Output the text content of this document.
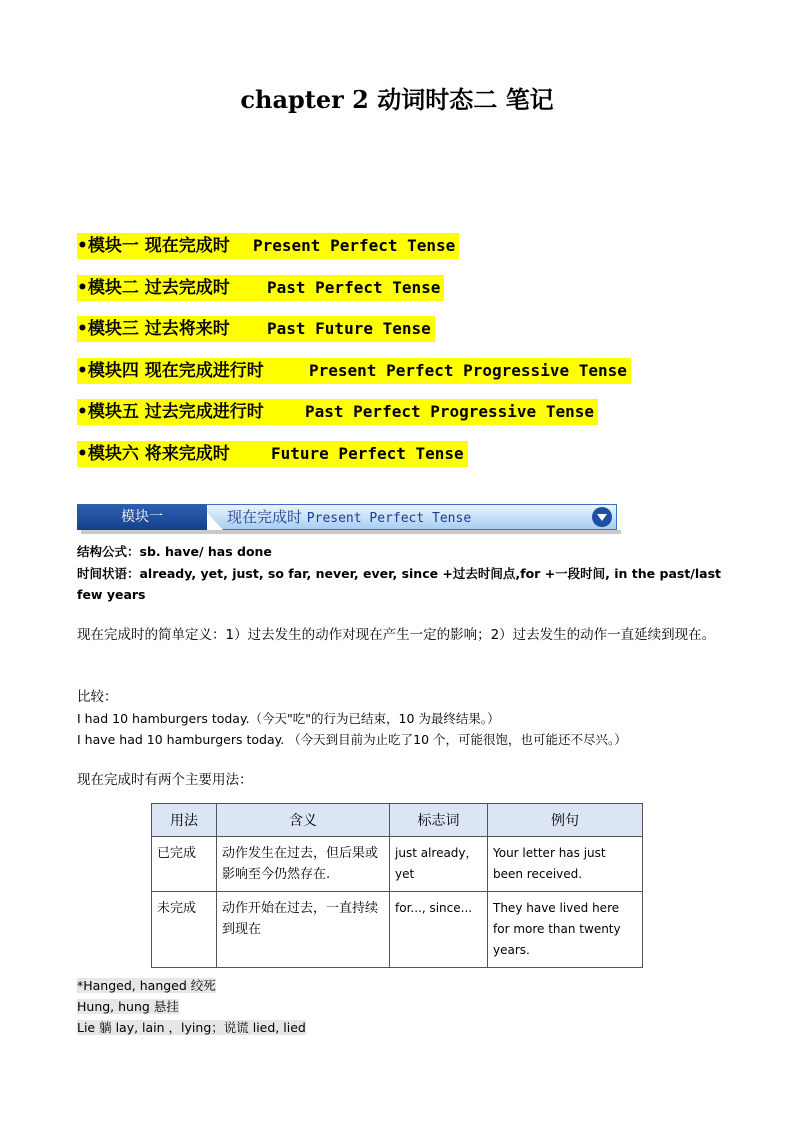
chapter 2 动词时态二 笔记
•模块一 现在完成时 Present Perfect Tense
•模块二 过去完成时 Past Perfect Tense
•模块三 过去将来时 Past Future Tense
•模块四 现在完成进行时	Present Perfect Progressive Tense
•模块五 过去完成进行时	Past Perfect Progressive Tense
•模块六 将来完成时	Future Perfect Tense
模块一	现在完成时 Present Perfect Tense
结构公式：sb. have/ has done
时间状语：already, yet, just, so far, never, ever, since +过去时间点,for +一段时间, in the past/last few years
现在完成时的简单定义：1）过去发生的动作对现在产生一定的影响；2）过去发生的动作一直延续到现在。
比较：
I had 10 hamburgers today.（今天"吃"的行为已结束，10 为最终结果。）
I have had 10 hamburgers today. （今天到目前为止吃了10 个，可能很饱，也可能还不尽兴。）
现在完成时有两个主要用法：
用法	含义	标志词	例句
已完成	动作发生在过去，但后果或影响至今仍然存在.	just already，yet	Your letter has just been received.
未完成	动作开始在过去，一直持续到现在	for..., since...	They have lived here for more than twenty years.
*Hanged, hanged 绞死
Hung, hung 悬挂
Lie 躺 lay, lain ，lying；说谎 lied, lied
